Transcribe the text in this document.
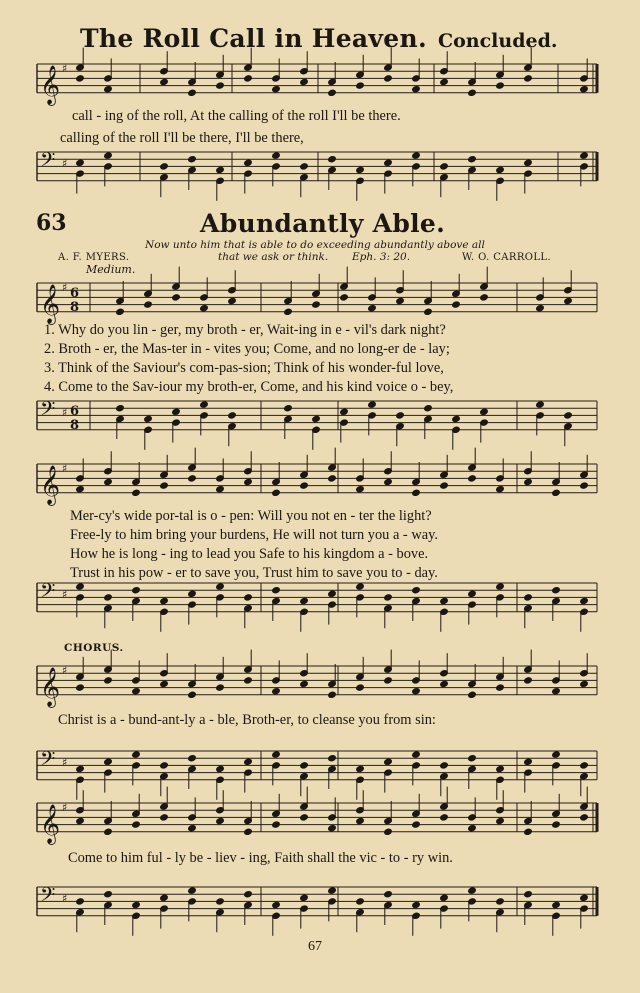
The Roll Call in Heaven. Concluded.
𝄞 ♯
𝄢 ♯
𝄞 ♯ 6
8
𝄢 ♯ 6
8
𝄞 ♯
𝄢 ♯
𝄞 ♯
𝄢 ♯
𝄞 ♯
𝄢 ♯
call - ing of the roll, At the calling of the roll I'll be there.
calling of the roll I'll be there, I'll be there,
63	Abundantly Able.
Now unto him that is able to do exceeding abundantly above all
that we ask or think. Eph. 3: 20.
A. F. MYERS.	W. O. CARROLL.
Medium.
1. Why do you lin - ger, my broth - er, Wait-ing in e - vil's dark night?
2. Broth - er, the Mas-ter in - vites you; Come, and no long-er de - lay;
3. Think of the Saviour's com-pas-sion; Think of his wonder-ful love,
4. Come to the Sav-iour my broth-er, Come, and his kind voice o - bey,
Mer-cy's wide por-tal is o - pen: Will you not en - ter the light?
Free-ly to him bring your burdens, He will not turn you a - way.
How he is long - ing to lead you Safe to his kingdom a - bove.
Trust in his pow - er to save you, Trust him to save you to - day.
CHORUS.
Christ is a - bund-ant-ly a - ble, Broth-er, to cleanse you from sin:
Come to him ful - ly be - liev - ing, Faith shall the vic - to - ry win.
67
